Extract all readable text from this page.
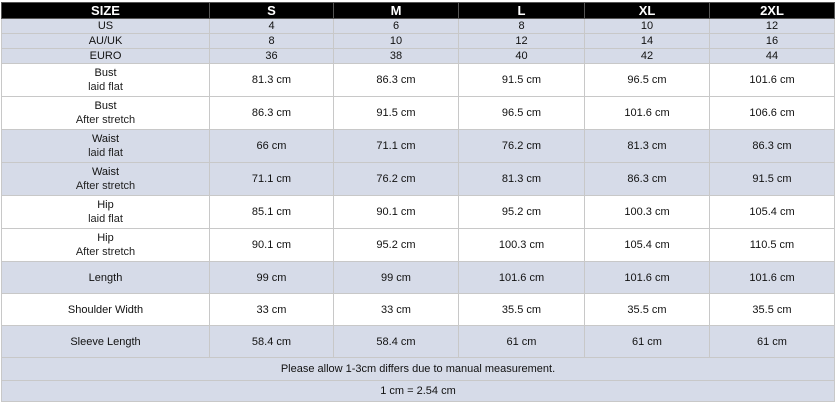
SIZE	S	M	L	XL	2XL
US	4	6	8	10	12
AU/UK	8	10	12	14	16
EURO	36	38	40	42	44
Bust
laid flat	81.3 cm	86.3 cm	91.5 cm	96.5 cm	101.6 cm
Bust
After stretch	86.3 cm	91.5 cm	96.5 cm	101.6 cm	106.6 cm
Waist
laid flat	66 cm	71.1 cm	76.2 cm	81.3 cm	86.3 cm
Waist
After stretch	71.1 cm	76.2 cm	81.3 cm	86.3 cm	91.5 cm
Hip
laid flat	85.1 cm	90.1 cm	95.2 cm	100.3 cm	105.4 cm
Hip
After stretch	90.1 cm	95.2 cm	100.3 cm	105.4 cm	110.5 cm
Length	99 cm	99 cm	101.6 cm	101.6 cm	101.6 cm
Shoulder Width	33 cm	33 cm	35.5 cm	35.5 cm	35.5 cm
Sleeve Length	58.4 cm	58.4 cm	61 cm	61 cm	61 cm
Please allow 1-3cm differs due to manual measurement.					
1 cm = 2.54 cm					
